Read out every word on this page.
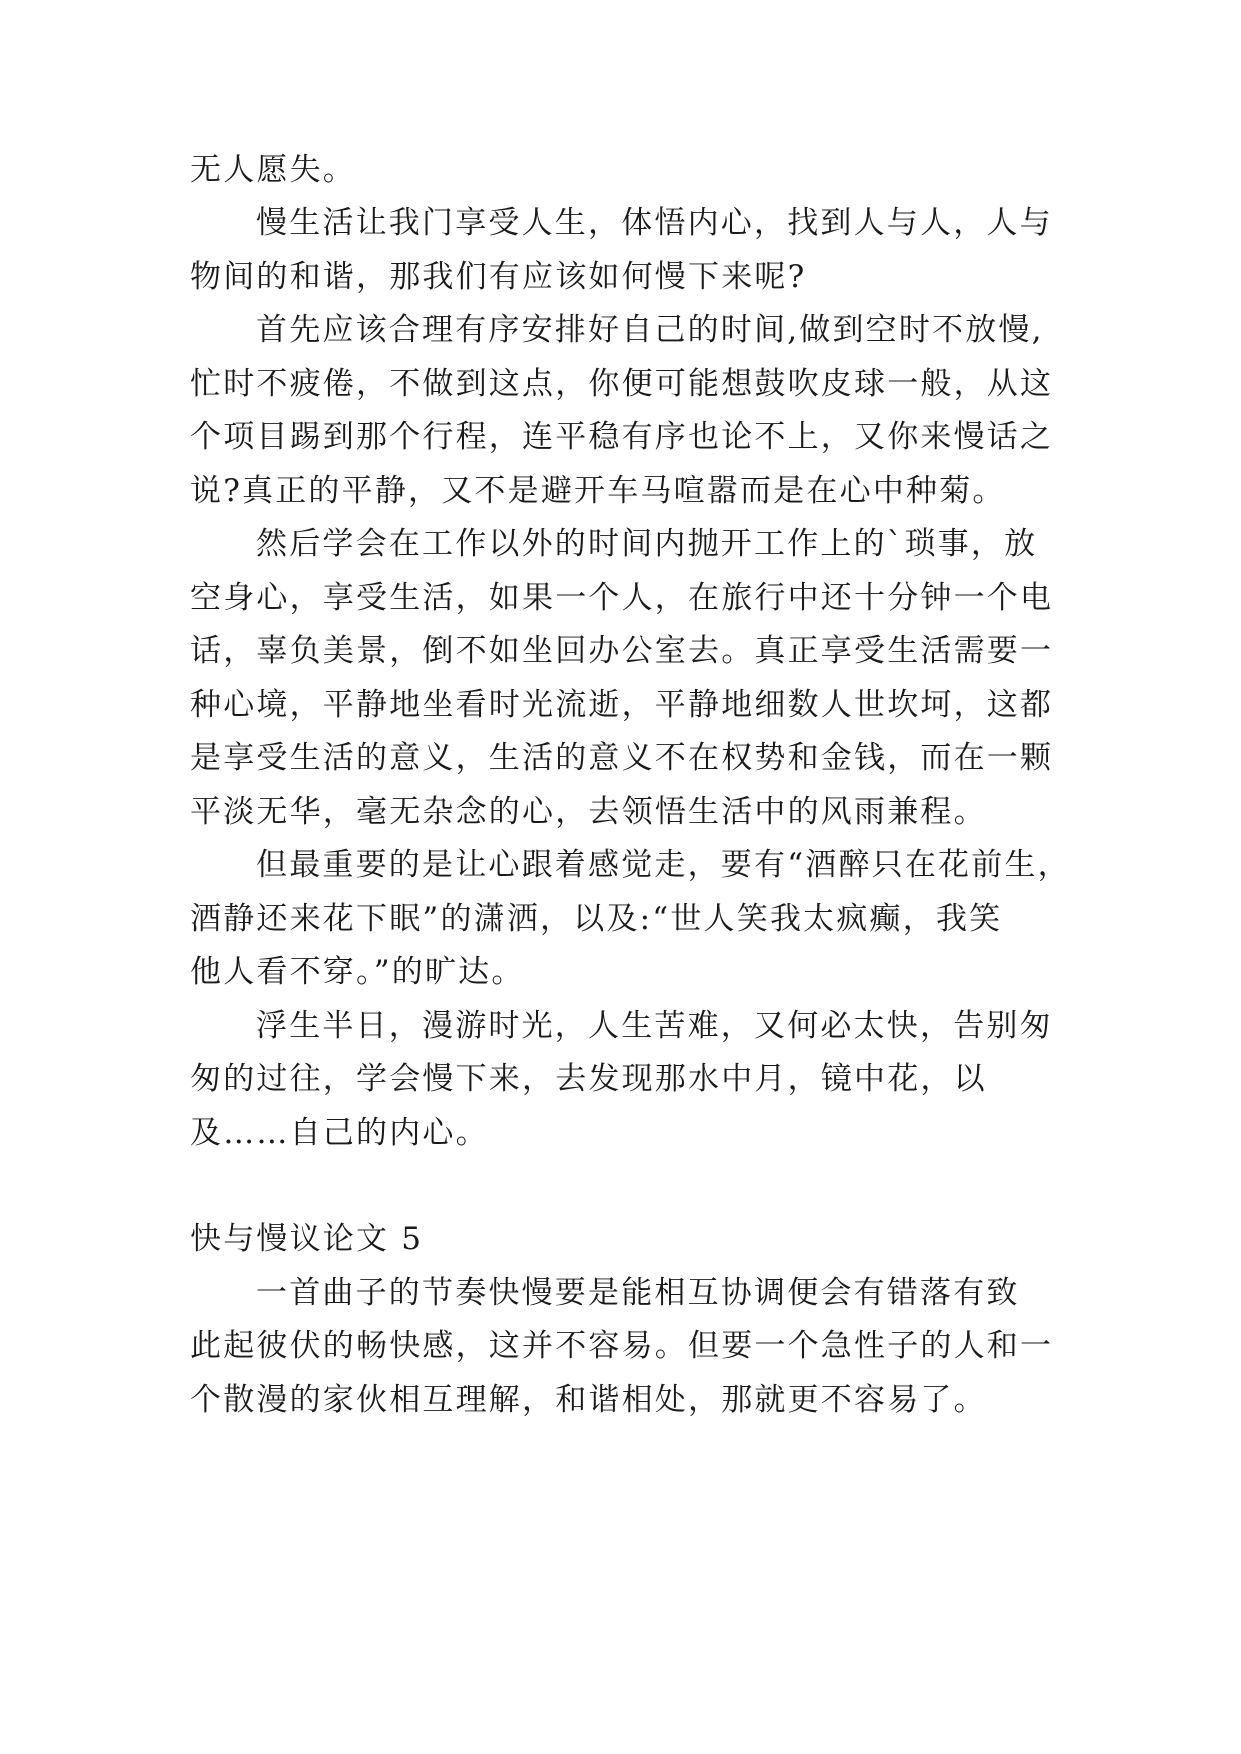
无人愿失。
慢生活让我门享受人生，体悟内心，找到人与人，人与
物间的和谐，那我们有应该如何慢下来呢?
首先应该合理有序安排好自己的时间,做到空时不放慢,
忙时不疲倦，不做到这点，你便可能想鼓吹皮球一般，从这
个项目踢到那个行程，连平稳有序也论不上，又你来慢话之
说?真正的平静，又不是避开车马喧嚣而是在心中种菊。
然后学会在工作以外的时间内抛开工作上的`琐事，放
空身心，享受生活，如果一个人，在旅行中还十分钟一个电
话，辜负美景，倒不如坐回办公室去。真正享受生活需要一
种心境，平静地坐看时光流逝，平静地细数人世坎坷，这都
是享受生活的意义，生活的意义不在权势和金钱，而在一颗
平淡无华，毫无杂念的心，去领悟生活中的风雨兼程。
但最重要的是让心跟着感觉走，要有“酒醉只在花前生，
酒静还来花下眠”的潇洒，以及:“世人笑我太疯癫，我笑
他人看不穿。”的旷达。
浮生半日，漫游时光，人生苦难，又何必太快，告别匆
匆的过往，学会慢下来，去发现那水中月，镜中花，以
及……自己的内心。
快与慢议论文 5
一首曲子的节奏快慢要是能相互协调便会有错落有致
此起彼伏的畅快感，这并不容易。但要一个急性子的人和一
个散漫的家伙相互理解，和谐相处，那就更不容易了。
